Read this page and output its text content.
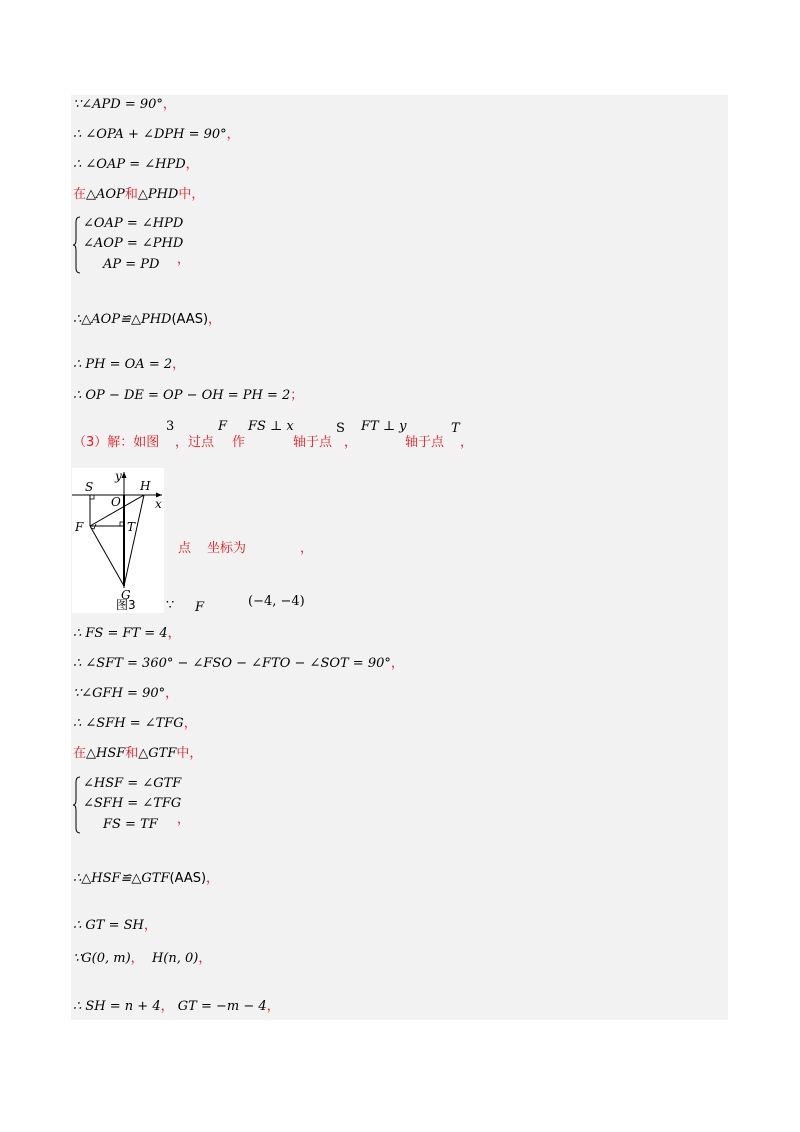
∵∠APD = 90°，
∴ ∠OPA + ∠DPH = 90°，
∴ ∠OAP = ∠HPD，
在△AOP和△PHD中，
∠OAP = ∠HPD
∠AOP = ∠PHD
AP = PD ，
∴△AOP≌△PHD(AAS)，
∴ PH = OA = 2，
∴ OP − DE = OP − OH = PH = 2；
（3）解：如图
3
，过点
F
作
FS ⊥ x
轴于点
S
，
FT ⊥ y
轴于点
T
，
S
y
H
x
O
F	T
G
图3
点 坐标为	，
∵ F	(−4, −4)
∴ FS = FT = 4，
∴ ∠SFT = 360° − ∠FSO − ∠FTO − ∠SOT = 90°，
∵∠GFH = 90°，
∴ ∠SFH = ∠TFG，
在△HSF和△GTF中，
∠HSF = ∠GTF
∠SFH = ∠TFG
FS = TF ，
∴△HSF≌△GTF(AAS)，
∴ GT = SH，
∵G(0, m)， H(n, 0)，
∴ SH = n + 4， GT = −m − 4，
